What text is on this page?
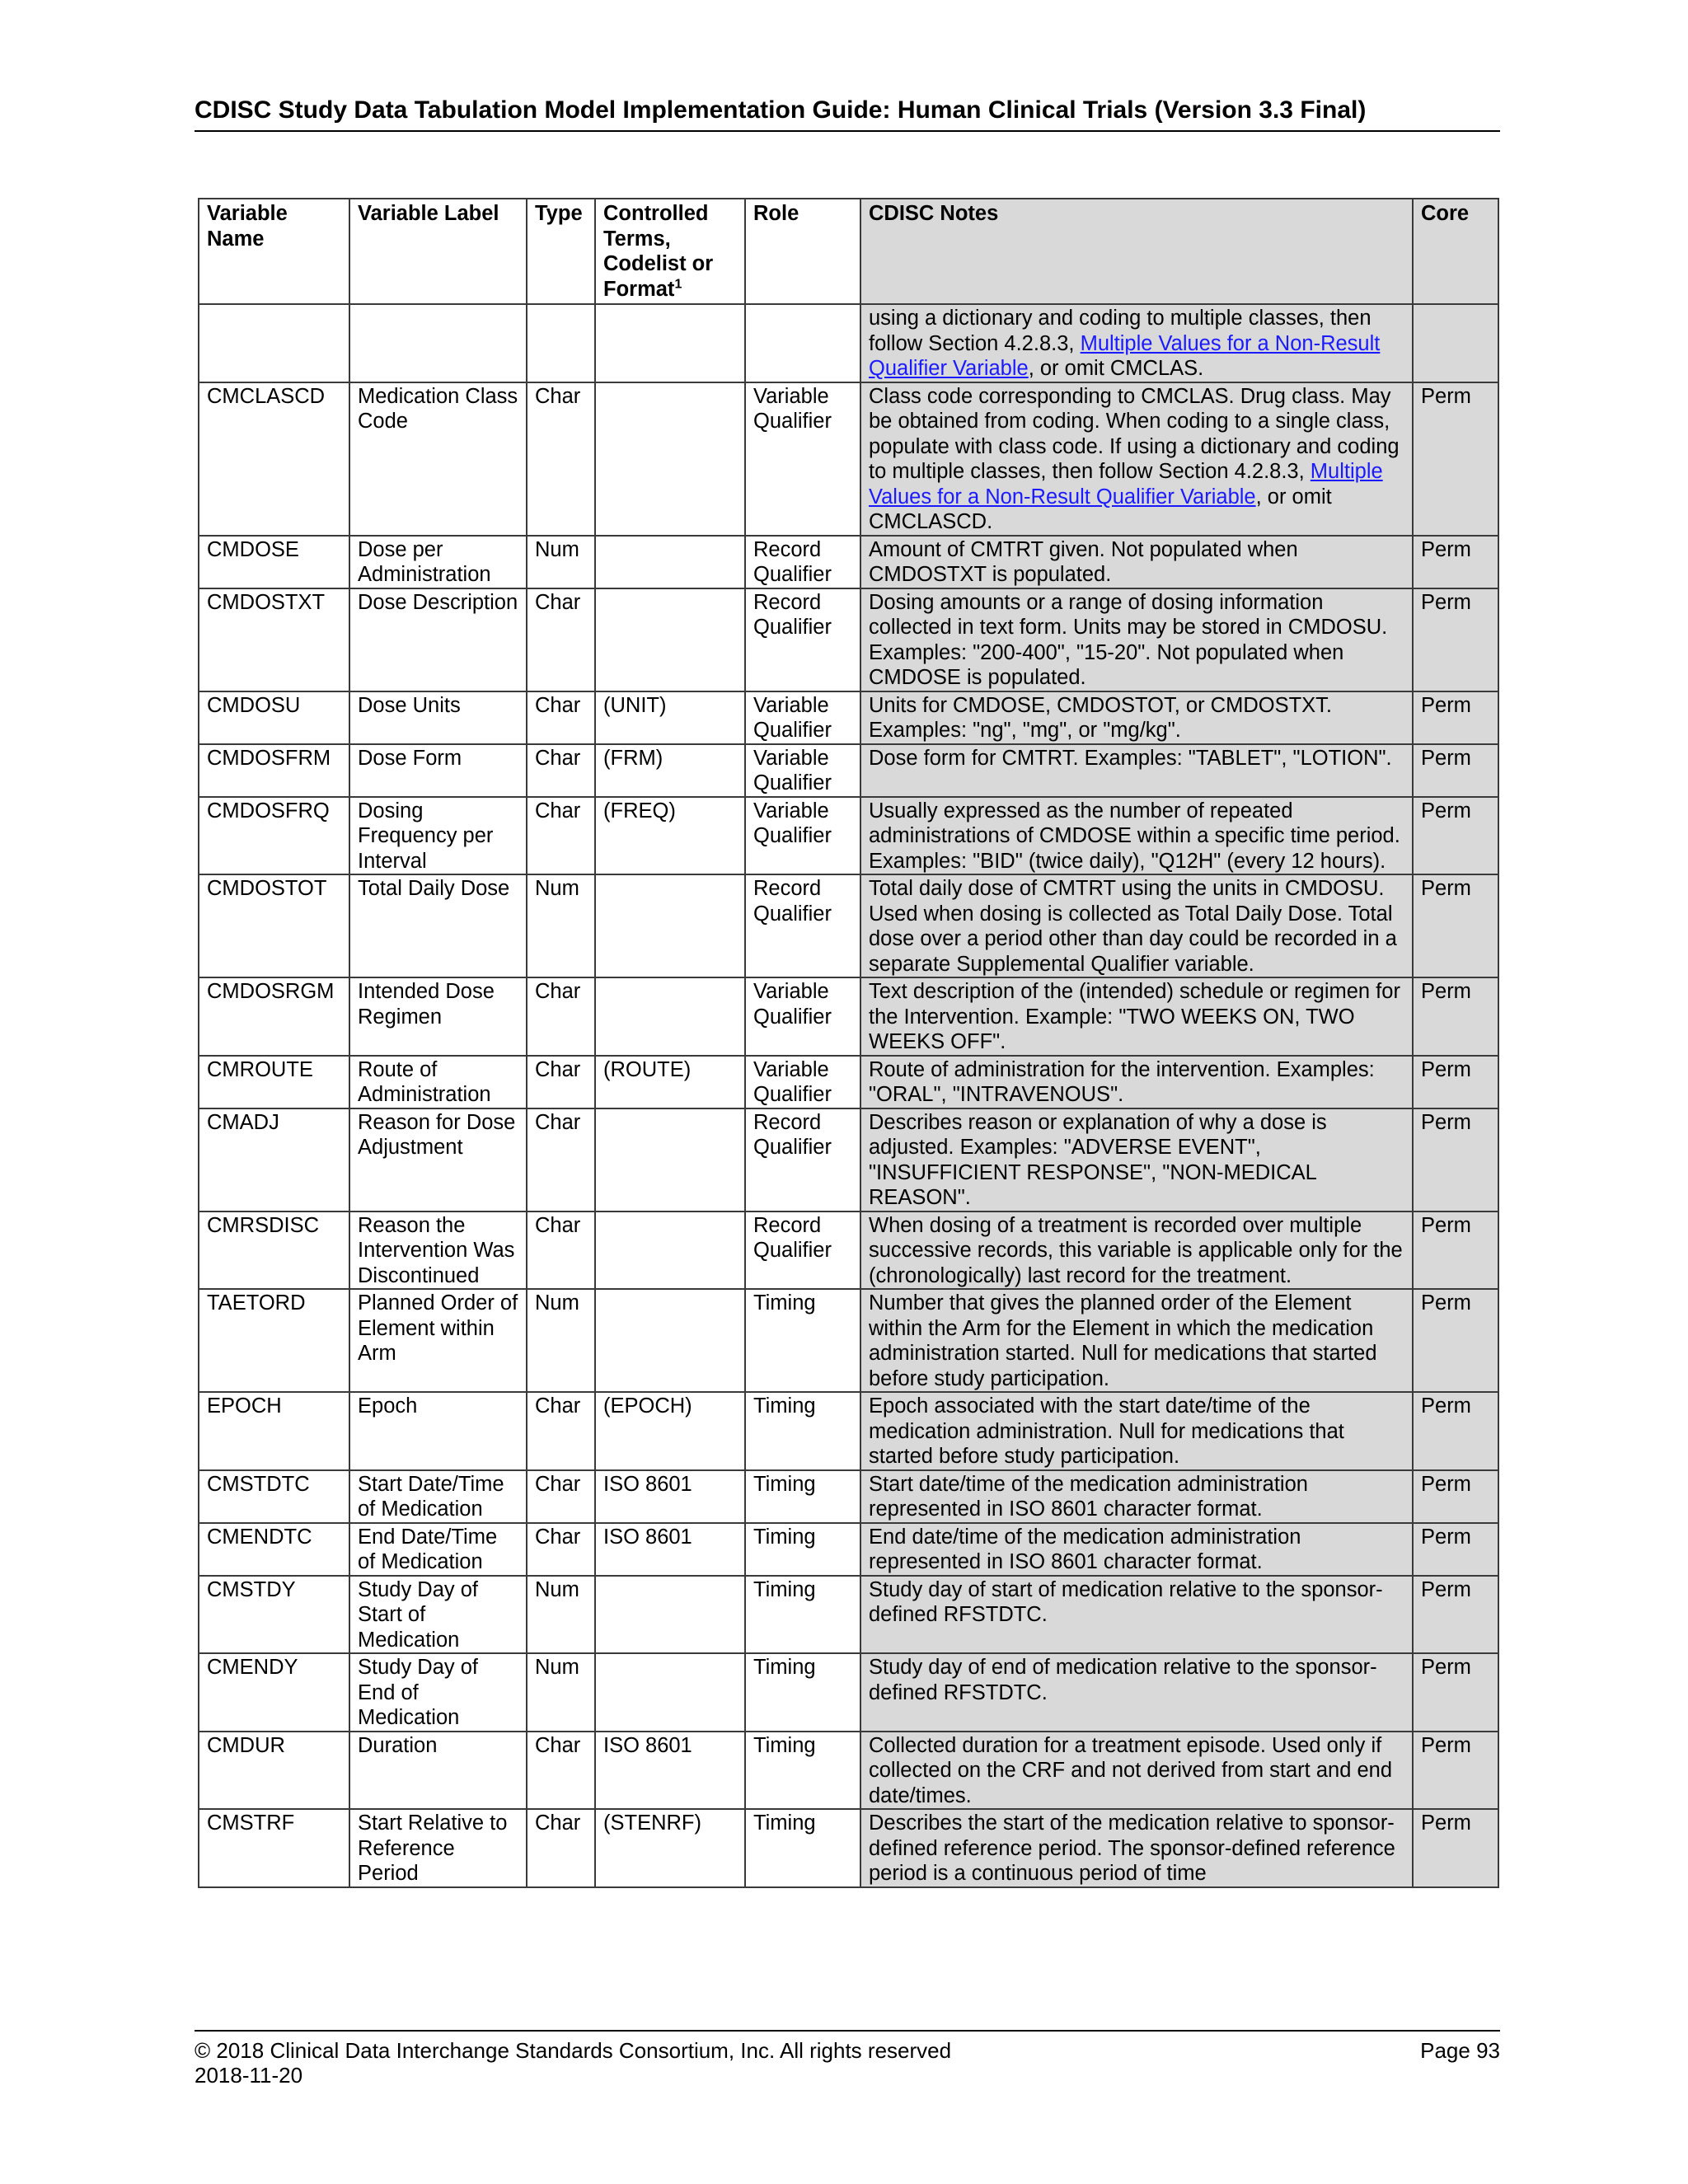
CDISC Study Data Tabulation Model Implementation Guide: Human Clinical Trials (Version 3.3 Final)
Variable Name	Variable Label	Type	Controlled Terms, Codelist or Format$^1$	Role	CDISC Notes	Core
					using a dictionary and coding to multiple classes, then follow Section 4.2.8.3, Multiple Values for a Non-Result Qualifier Variable, or omit CMCLAS.	
CMCLASCD	Medication Class Code	Char		Variable Qualifier	Class code corresponding to CMCLAS. Drug class. May be obtained from coding. When coding to a single class, populate with class code. If using a dictionary and coding to multiple classes, then follow Section 4.2.8.3, Multiple Values for a Non-Result Qualifier Variable, or omit CMCLASCD.	Perm
CMDOSE	Dose per Administration	Num		Record Qualifier	Amount of CMTRT given. Not populated when CMDOSTXT is populated.	Perm
CMDOSTXT	Dose Description	Char		Record Qualifier	Dosing amounts or a range of dosing information collected in text form. Units may be stored in CMDOSU. Examples: "200-400", "15-20". Not populated when CMDOSE is populated.	Perm
CMDOSU	Dose Units	Char	(UNIT)	Variable Qualifier	Units for CMDOSE, CMDOSTOT, or CMDOSTXT. Examples: "ng", "mg", or "mg/kg".	Perm
CMDOSFRM	Dose Form	Char	(FRM)	Variable Qualifier	Dose form for CMTRT. Examples: "TABLET", "LOTION".	Perm
CMDOSFRQ	Dosing Frequency per Interval	Char	(FREQ)	Variable Qualifier	Usually expressed as the number of repeated administrations of CMDOSE within a specific time period. Examples: "BID" (twice daily), "Q12H" (every 12 hours).	Perm
CMDOSTOT	Total Daily Dose	Num		Record Qualifier	Total daily dose of CMTRT using the units in CMDOSU. Used when dosing is collected as Total Daily Dose. Total dose over a period other than day could be recorded in a separate Supplemental Qualifier variable.	Perm
CMDOSRGM	Intended Dose Regimen	Char		Variable Qualifier	Text description of the (intended) schedule or regimen for the Intervention. Example: "TWO WEEKS ON, TWO WEEKS OFF".	Perm
CMROUTE	Route of Administration	Char	(ROUTE)	Variable Qualifier	Route of administration for the intervention. Examples: "ORAL", "INTRAVENOUS".	Perm
CMADJ	Reason for Dose Adjustment	Char		Record Qualifier	Describes reason or explanation of why a dose is adjusted. Examples: "ADVERSE EVENT", "INSUFFICIENT RESPONSE", "NON-MEDICAL REASON".	Perm
CMRSDISC	Reason the Intervention Was Discontinued	Char		Record Qualifier	When dosing of a treatment is recorded over multiple successive records, this variable is applicable only for the (chronologically) last record for the treatment.	Perm
TAETORD	Planned Order of Element within Arm	Num		Timing	Number that gives the planned order of the Element within the Arm for the Element in which the medication administration started. Null for medications that started before study participation.	Perm
EPOCH	Epoch	Char	(EPOCH)	Timing	Epoch associated with the start date/time of the medication administration. Null for medications that started before study participation.	Perm
CMSTDTC	Start Date/Time of Medication	Char	ISO 8601	Timing	Start date/time of the medication administration represented in ISO 8601 character format.	Perm
CMENDTC	End Date/Time of Medication	Char	ISO 8601	Timing	End date/time of the medication administration represented in ISO 8601 character format.	Perm
CMSTDY	Study Day of Start of Medication	Num		Timing	Study day of start of medication relative to the sponsor-defined RFSTDTC.	Perm
CMENDY	Study Day of End of Medication	Num		Timing	Study day of end of medication relative to the sponsor-defined RFSTDTC.	Perm
CMDUR	Duration	Char	ISO 8601	Timing	Collected duration for a treatment episode. Used only if collected on the CRF and not derived from start and end date/times.	Perm
CMSTRF	Start Relative to Reference Period	Char	(STENRF)	Timing	Describes the start of the medication relative to sponsor-defined reference period. The sponsor-defined reference period is a continuous period of time	Perm
© 2018 Clinical Data Interchange Standards Consortium, Inc. All rights reserved	Page 93
2018-11-20
